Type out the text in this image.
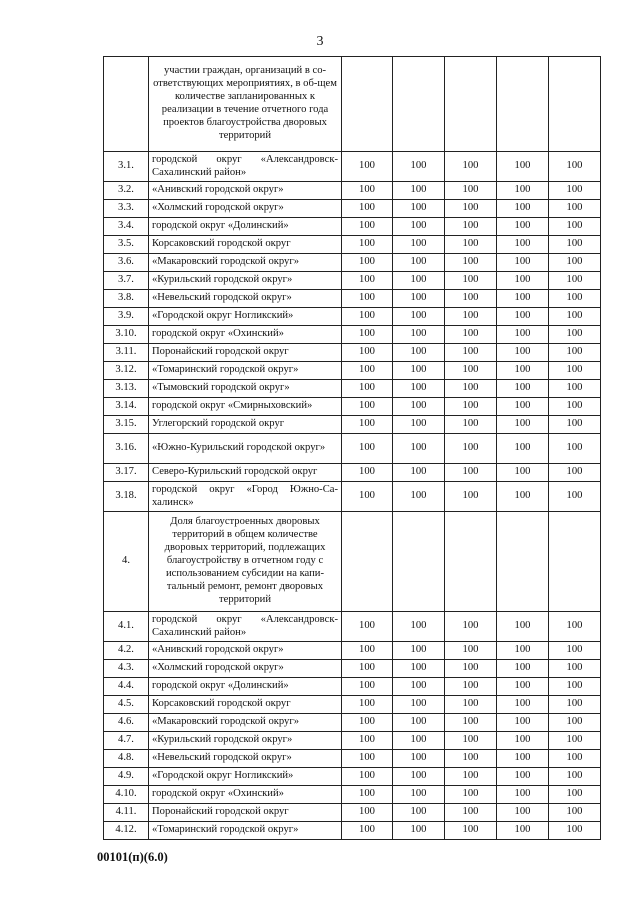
3
	участии граждан, организаций в со-ответствующих мероприятиях, в об-щем количестве запланированных к реализации в течение отчетного года проектов благоустройства дворовых территорий					
3.1.	городской округ «Александровск-Сахалинский район»	100	100	100	100	100
3.2.	«Анивский городской округ»	100	100	100	100	100
3.3.	«Холмский городской округ»	100	100	100	100	100
3.4.	городской округ «Долинский»	100	100	100	100	100
3.5.	Корсаковский городской округ	100	100	100	100	100
3.6.	«Макаровский городской округ»	100	100	100	100	100
3.7.	«Курильский городской округ»	100	100	100	100	100
3.8.	«Невельский городской округ»	100	100	100	100	100
3.9.	«Городской округ Ногликский»	100	100	100	100	100
3.10.	городской округ «Охинский»	100	100	100	100	100
3.11.	Поронайский городской округ	100	100	100	100	100
3.12.	«Томаринский городской округ»	100	100	100	100	100
3.13.	«Тымовский городской округ»	100	100	100	100	100
3.14.	городской округ «Смирныховский»	100	100	100	100	100
3.15.	Углегорский городской округ	100	100	100	100	100
3.16.	«Южно-Курильский городской округ»	100	100	100	100	100
3.17.	Северо-Курильский городской округ	100	100	100	100	100
3.18.	городской округ «Город Южно-Са-халинск»	100	100	100	100	100
4.	Доля благоустроенных дворовых территорий в общем количестве дворовых территорий, подлежащих благоустройству в отчетном году с использованием субсидии на капи-тальный ремонт, ремонт дворовых территорий					
4.1.	городской округ «Александровск-Сахалинский район»	100	100	100	100	100
4.2.	«Анивский городской округ»	100	100	100	100	100
4.3.	«Холмский городской округ»	100	100	100	100	100
4.4.	городской округ «Долинский»	100	100	100	100	100
4.5.	Корсаковский городской округ	100	100	100	100	100
4.6.	«Макаровский городской округ»	100	100	100	100	100
4.7.	«Курильский городской округ»	100	100	100	100	100
4.8.	«Невельский городской округ»	100	100	100	100	100
4.9.	«Городской округ Ногликский»	100	100	100	100	100
4.10.	городской округ «Охинский»	100	100	100	100	100
4.11.	Поронайский городской округ	100	100	100	100	100
4.12.	«Томаринский городской округ»	100	100	100	100	100
00101(п)(6.0)
